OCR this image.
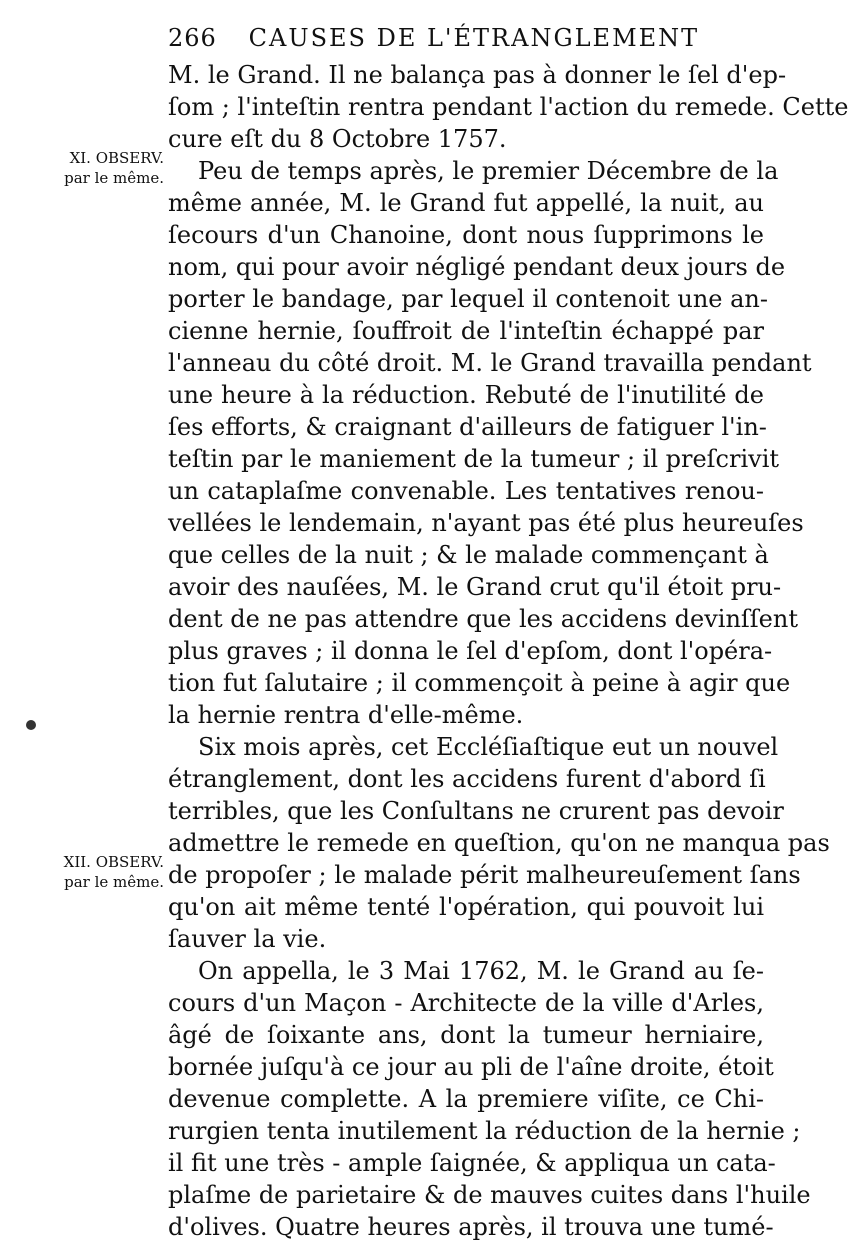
266 CAUSES DE L'ÉTRANGLEMENT
XI. OBSERV.
par le même.
XII. OBSERV.
par le même.
M. le Grand. Il ne balança pas à donner le ſel d'ep-
ſom ; l'inteſtin rentra pendant l'action du remede. Cette
cure eſt du 8 Octobre 1757.
Peu de temps après, le premier Décembre de la
même année, M. le Grand fut appellé, la nuit, au
ſecours d'un Chanoine, dont nous ſupprimons le
nom, qui pour avoir négligé pendant deux jours de
porter le bandage, par lequel il contenoit une an-
cienne hernie, ſouffroit de l'inteſtin échappé par
l'anneau du côté droit. M. le Grand travailla pendant
une heure à la réduction. Rebuté de l'inutilité de
ſes efforts, & craignant d'ailleurs de fatiguer l'in-
teſtin par le maniement de la tumeur ; il preſcrivit
un cataplaſme convenable. Les tentatives renou-
vellées le lendemain, n'ayant pas été plus heureuſes
que celles de la nuit ; & le malade commençant à
avoir des nauſées, M. le Grand crut qu'il étoit pru-
dent de ne pas attendre que les accidens devinſſent
plus graves ; il donna le ſel d'epſom, dont l'opéra-
tion fut ſalutaire ; il commençoit à peine à agir que
la hernie rentra d'elle-même.
Six mois après, cet Eccléſiaſtique eut un nouvel
étranglement, dont les accidens furent d'abord ſi
terribles, que les Conſultans ne crurent pas devoir
admettre le remede en queſtion, qu'on ne manqua pas
de propoſer ; le malade périt malheureuſement ſans
qu'on ait même tenté l'opération, qui pouvoit lui
ſauver la vie.
On appella, le 3 Mai 1762, M. le Grand au ſe-
cours d'un Maçon - Architecte de la ville d'Arles,
âgé de ſoixante ans, dont la tumeur herniaire,
bornée juſqu'à ce jour au pli de l'aîne droite, étoit
devenue complette. A la premiere viſite, ce Chi-
rurgien tenta inutilement la réduction de la hernie ;
il fit une très - ample ſaignée, & appliqua un cata-
plaſme de parietaire & de mauves cuites dans l'huile
d'olives. Quatre heures après, il trouva une tumé-
